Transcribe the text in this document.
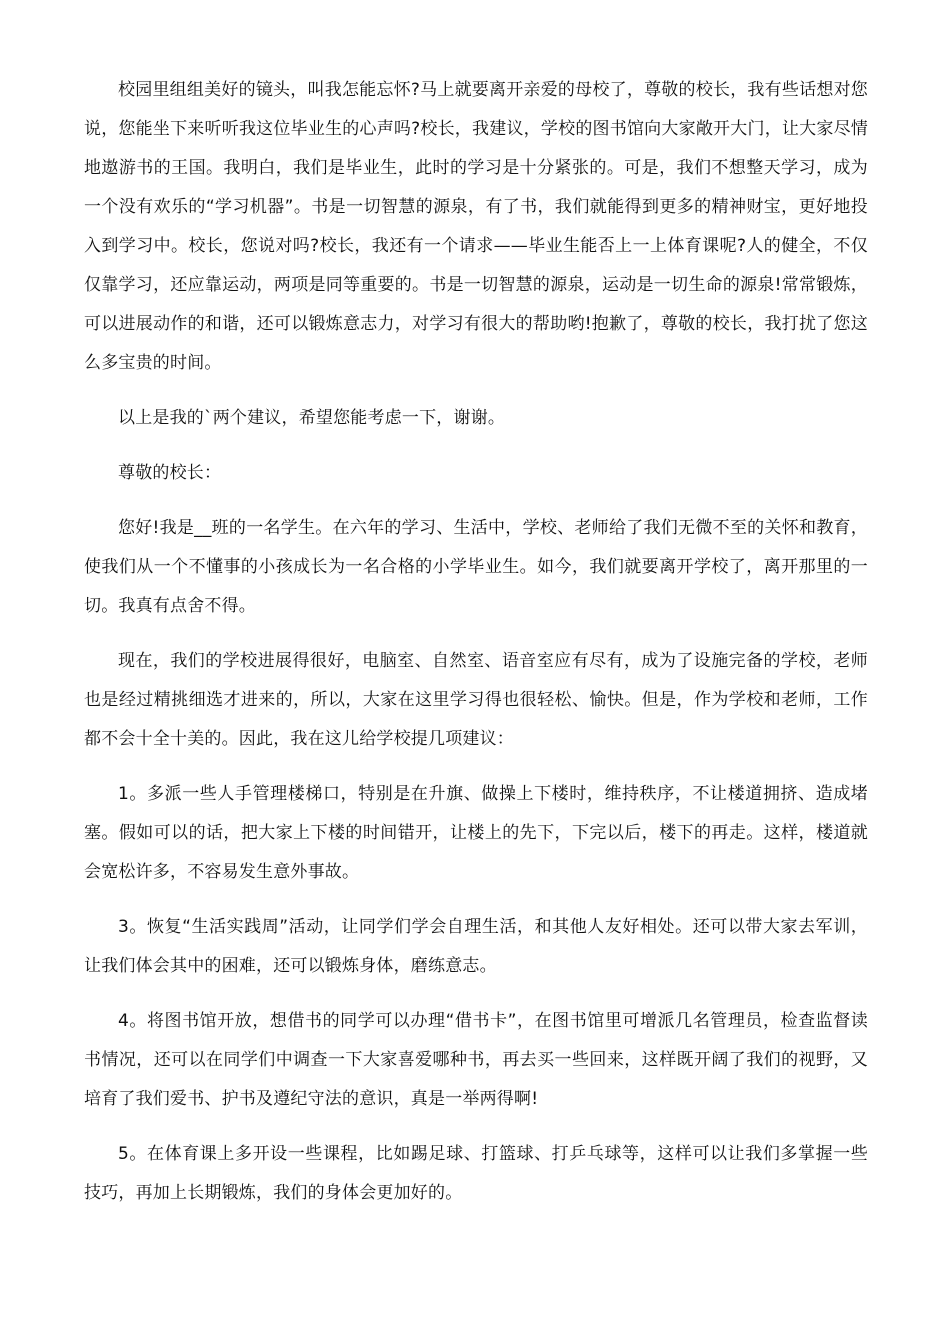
校园里组组美好的镜头，叫我怎能忘怀?马上就要离开亲爱的母校了，尊敬的校长，我有些话想对您说，您能坐下来听听我这位毕业生的心声吗?校长，我建议，学校的图书馆向大家敞开大门，让大家尽情地遨游书的王国。我明白，我们是毕业生，此时的学习是十分紧张的。可是，我们不想整天学习，成为一个没有欢乐的“学习机器”。书是一切智慧的源泉，有了书，我们就能得到更多的精神财宝，更好地投入到学习中。校长，您说对吗?校长，我还有一个请求——毕业生能否上一上体育课呢?人的健全，不仅仅靠学习，还应靠运动，两项是同等重要的。书是一切智慧的源泉，运动是一切生命的源泉!常常锻炼，可以进展动作的和谐，还可以锻炼意志力，对学习有很大的帮助哟!抱歉了，尊敬的校长，我打扰了您这么多宝贵的时间。

以上是我的`两个建议，希望您能考虑一下，谢谢。

尊敬的校长：

您好!我是__班的一名学生。在六年的学习、生活中，学校、老师给了我们无微不至的关怀和教育，使我们从一个不懂事的小孩成长为一名合格的小学毕业生。如今，我们就要离开学校了，离开那里的一切。我真有点舍不得。

现在，我们的学校进展得很好，电脑室、自然室、语音室应有尽有，成为了设施完备的学校，老师也是经过精挑细选才进来的，所以，大家在这里学习得也很轻松、愉快。但是，作为学校和老师，工作都不会十全十美的。因此，我在这儿给学校提几项建议：

1。多派一些人手管理楼梯口，特别是在升旗、做操上下楼时，维持秩序，不让楼道拥挤、造成堵塞。假如可以的话，把大家上下楼的时间错开，让楼上的先下，下完以后，楼下的再走。这样，楼道就会宽松许多，不容易发生意外事故。

3。恢复“生活实践周”活动，让同学们学会自理生活，和其他人友好相处。还可以带大家去军训，让我们体会其中的困难，还可以锻炼身体，磨练意志。

4。将图书馆开放，想借书的同学可以办理“借书卡”，在图书馆里可增派几名管理员，检查监督读书情况，还可以在同学们中调查一下大家喜爱哪种书，再去买一些回来，这样既开阔了我们的视野，又培育了我们爱书、护书及遵纪守法的意识，真是一举两得啊!

5。在体育课上多开设一些课程，比如踢足球、打篮球、打乒乓球等，这样可以让我们多掌握一些技巧，再加上长期锻炼，我们的身体会更加好的。
